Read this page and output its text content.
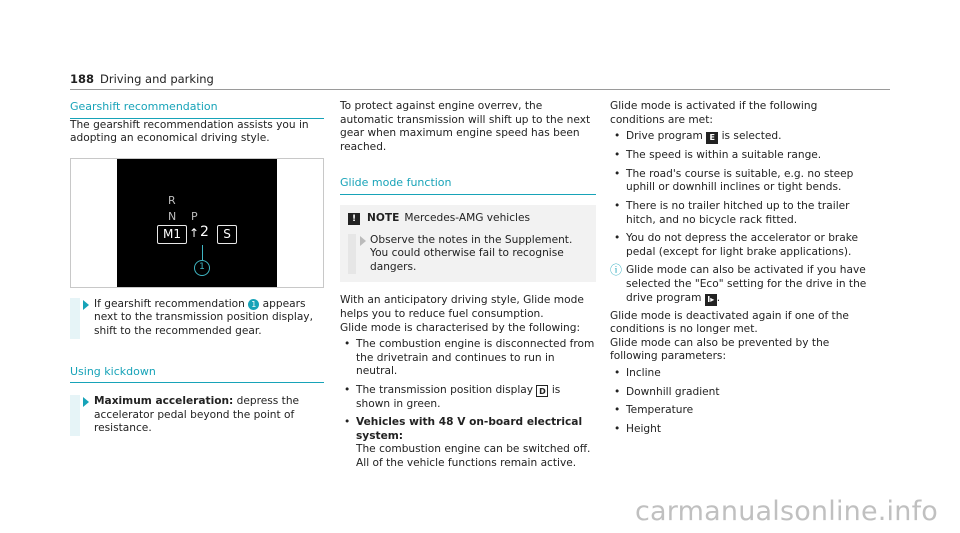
188 Driving and parking
Gearshift recommendation

The gearshift recommendation assists you in adopting an economical driving style.

R
N P
M1 ↑ 2	S
1
If gearshift recommendation 1 appears next to the transmission position display, shift to the recommended gear.
Using kickdown
Maximum acceleration: depress the accelerator pedal beyond the point of resistance.

To protect against engine overrev, the automatic transmission will shift up to the next gear when maximum engine speed has been reached.

Glide mode function
!	NOTE Mercedes-AMG vehicles
Observe the notes in the Supplement. You could otherwise fail to recognise dangers.

With an anticipatory driving style, Glide mode helps you to reduce fuel consumption.

Glide mode is characterised by the following:

• The combustion engine is disconnected from the drivetrain and continues to run in neutral.
• The transmission position display D is shown in green.
• Vehicles with 48 V on-board electrical system:
The combustion engine can be switched off. All of the vehicle functions remain active.

Glide mode is activated if the following conditions are met:

• Drive program E is selected.
• The speed is within a suitable range.
• The road's course is suitable, e.g. no steep uphill or downhill inclines or tight bends.
• There is no trailer hitched up to the trailer hitch, and no bicycle rack fitted.
• You do not depress the accelerator or brake pedal (except for light brake applications).
ⓘ Glide mode can also be activated if you have selected the "Eco" setting for the drive in the drive program I▸ .

Glide mode is deactivated again if one of the conditions is no longer met.

Glide mode can also be prevented by the following parameters:

• Incline
• Downhill gradient
• Temperature
• Height
carmanualsonline.info
